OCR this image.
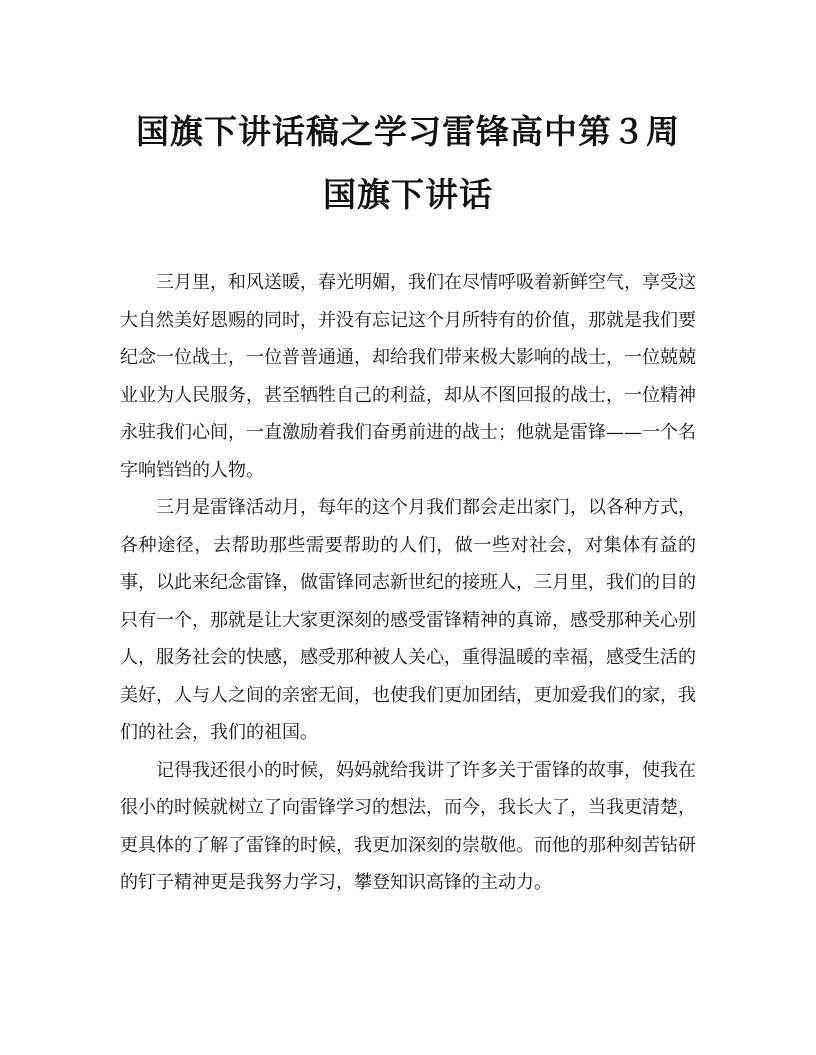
国旗下讲话稿之学习雷锋高中第３周
国旗下讲话

三月里，和风送暖，春光明媚，我们在尽情呼吸着新鲜空气，享受这大自然美好恩赐的同时，并没有忘记这个月所特有的价值，那就是我们要纪念一位战士，一位普普通通，却给我们带来极大影响的战士，一位兢兢业业为人民服务，甚至牺牲自己的利益，却从不图回报的战士，一位精神永驻我们心间，一直激励着我们奋勇前进的战士；他就是雷锋——一个名字响铛铛的人物。

三月是雷锋活动月，每年的这个月我们都会走出家门，以各种方式，各种途径，去帮助那些需要帮助的人们，做一些对社会，对集体有益的事，以此来纪念雷锋，做雷锋同志新世纪的接班人，三月里，我们的目的只有一个，那就是让大家更深刻的感受雷锋精神的真谛，感受那种关心别人，服务社会的快感，感受那种被人关心，重得温暖的幸福，感受生活的美好，人与人之间的亲密无间，也使我们更加团结，更加爱我们的家，我们的社会，我们的祖国。

记得我还很小的时候，妈妈就给我讲了许多关于雷锋的故事，使我在很小的时候就树立了向雷锋学习的想法，而今，我长大了，当我更清楚，更具体的了解了雷锋的时候，我更加深刻的崇敬他。而他的那种刻苦钻研的钉子精神更是我努力学习，攀登知识高锋的主动力。
